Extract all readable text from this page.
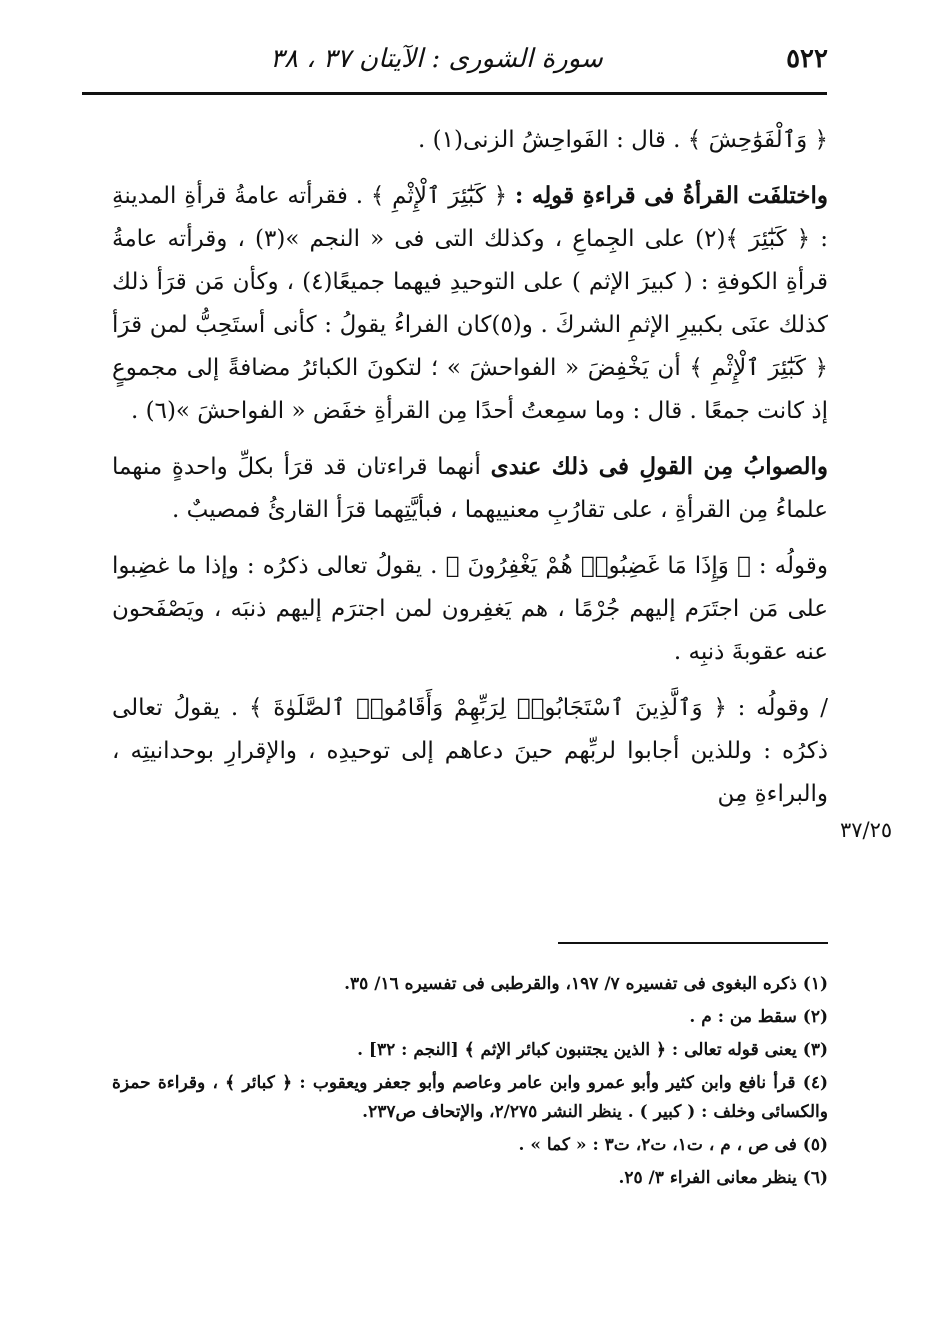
٥٢٢
سورة الشورى : الآيتان ٣٧ ، ٣٨
٣٧/٢٥

﴿ وَٱلْفَوَٰحِشَ ﴾ . قال : الفَواحِشُ الزنى(١) .

واختلفَت القرأةُ فى قراءةِ قولِه : ﴿ كَبَٰٓئِرَ ٱلْإِثْمِ ﴾ . فقرأته عامةُ قرأةِ المدينةِ : ﴿ كَبَٰٓئِرَ ﴾(٢) على الجِماعِ ، وكذلك التى فى « النجم »(٣) ، وقرأته عامةُ قرأةِ الكوفةِ : ( كبيرَ الإثم ) على التوحيدِ فيهما جميعًا(٤) ، وكأن مَن قرَأ ذلك كذلك عنَى بكبيرِ الإثمِ الشركَ . و(٥)كان الفراءُ يقولُ : كأنى أستَحِبُّ لمن قرَأ ﴿ كَبَٰٓئِرَ ٱلْإِثْمِ ﴾ أن يَخْفِضَ « الفواحشَ » ؛ لتكونَ الكبائرُ مضافةً إلى مجموعٍ إذ كانت جمعًا . قال : وما سمِعتُ أحدًا مِن القرأةِ خفَض « الفواحشَ »(٦) .

والصوابُ مِن القولِ فى ذلك عندى أنهما قراءتان قد قرَأ بكلِّ واحدةٍ منهما علماءُ مِن القرأةِ ، على تقارُبِ معنييهما ، فبأيَّتِهما قرَأ القارئُ فمصيبٌ .

وقولُه : ﴿ وَإِذَا مَا غَضِبُوا۟ هُمْ يَغْفِرُونَ ﴾ . يقولُ تعالى ذكرُه : وإذا ما غضِبوا على مَن اجتَرَم إليهم جُرْمًا ، هم يَغفِرون لمن اجترَم إليهم ذنبَه ، ويَصْفَحون عنه عقوبةَ ذنبِه .

/ وقولُه : ﴿ وَٱلَّذِينَ ٱسْتَجَابُوا۟ لِرَبِّهِمْ وَأَقَامُوا۟ ٱلصَّلَوٰةَ ﴾ . يقولُ تعالى ذكرُه : وللذين أجابوا لربِّهم حينَ دعاهم إلى توحيدِه ، والإقرارِ بوحدانيتِه ، والبراءةِ مِن

(١) ذكره البغوى فى تفسيره ٧/ ١٩٧، والقرطبى فى تفسيره ١٦/ ٣٥.

(٢) سقط من : م .

(٣) يعنى قوله تعالى : ﴿ الذين يجتنبون كبائر الإثم ﴾ [النجم : ٣٢] .

(٤) قرأ نافع وابن كثير وأبو عمرو وابن عامر وعاصم وأبو جعفر ويعقوب : ﴿ كبائر ﴾ ، وقراءة حمزة والكسائى وخلف : ( كبير ) . ينظر النشر ٢/٢٧٥، والإتحاف ص٢٣٧.

(٥) فى ص ، م ، ت١، ت٢، ت٣ : « كما » .

(٦) ينظر معانى الفراء ٣/ ٢٥.
